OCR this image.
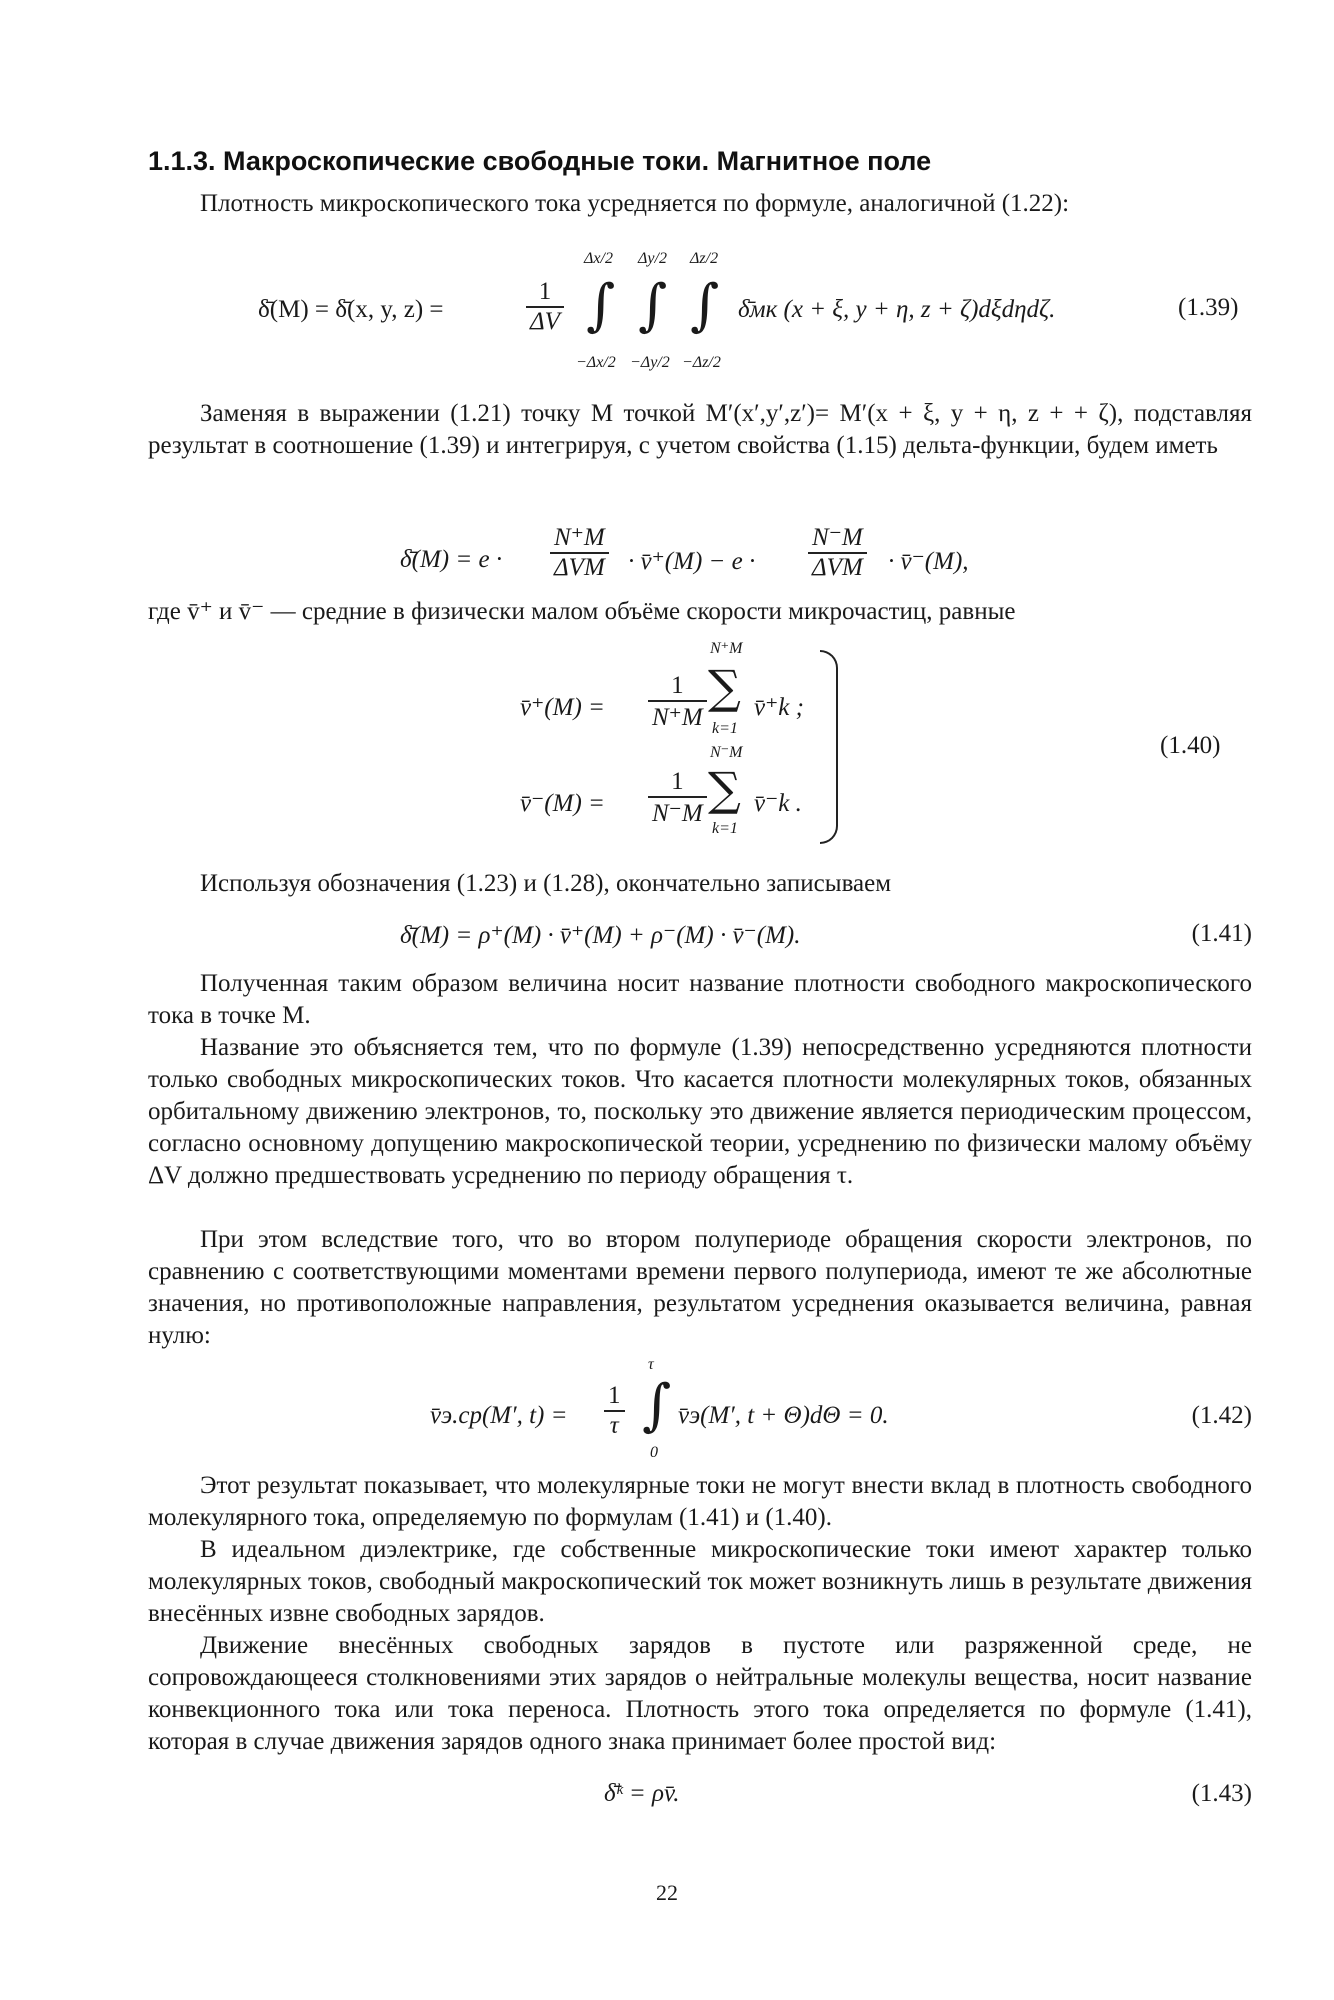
1.1.3. Макроскопические свободные токи. Магнитное поле
Плотность микроскопического тока усредняется по формуле, аналогичной (1.22):
δ̄(M) = δ̄(x, y, z) =	$\frac{1}{\Delta V}$
Δx/2 Δy/2 Δz/2
∫ ∫ ∫
−Δx/2 −Δy/2 −Δz/2
δ̄мк (x + ξ, y + η, z + ζ)dξdηdζ.	(1.39)
Заменяя в выражении (1.21) точку M точкой M′(x′,y′,z′)= M′(x + ξ, y + η, z + + ζ), подставляя результат в соотношение (1.39) и интегрируя, с учетом свойства (1.15) дельта-функции, будем иметь
δ̄(M) = e ·
N⁺M
ΔVM · v̄⁺(M) − e ·
N⁻M
ΔVM · v̄⁻(M),
где v̄⁺ и v̄⁻ — средние в физически малом объёме скорости микрочастиц, равные
v̄⁺(M) = $\frac{1}{N^+M}$
N⁺M
∑
k=1
v̄⁺k ;
v̄⁻(M) = $\frac{1}{N^-M}$
N⁻M
∑
k=1
v̄⁻k .
(1.40)
Используя обозначения (1.23) и (1.28), окончательно записываем
δ̄(M) = ρ⁺(M) · v̄⁺(M) + ρ⁻(M) · v̄⁻(M).	(1.41)
Полученная таким образом величина носит название плотности свободного макроскопического тока в точке M.
Название это объясняется тем, что по формуле (1.39) непосредственно усредняются плотности только свободных микроскопических токов. Что касается плотности молекулярных токов, обязанных орбитальному движению электронов, то, поскольку это движение является периодическим процессом, согласно основному допущению макроскопической теории, усреднению по физически малому объёму ΔV должно предшествовать усреднению по периоду обращения τ.
При этом вследствие того, что во втором полупериоде обращения скорости электронов, по сравнению с соответствующими моментами времени первого полупериода, имеют те же абсолютные значения, но противоположные направления, результатом усреднения оказывается величина, равная нулю:
v̄э.ср(M′, $t) = \frac{1}{\tau}$
τ
∫
0
v̄э(M′, t + Θ)dΘ = 0.	(1.42)
Этот результат показывает, что молекулярные токи не могут внести вклад в плотность свободного молекулярного тока, определяемую по формулам (1.41) и (1.40).
В идеальном диэлектрике, где собственные микроскопические токи имеют характер только молекулярных токов, свободный макроскопический ток может возникнуть лишь в результате движения внесённых извне свободных зарядов.
Движение внесённых свободных зарядов в пустоте или разряженной среде, не сопровождающееся столкновениями этих зарядов о нейтральные молекулы вещества, носит название конвекционного тока или тока переноса. Плотность этого тока определяется по формуле (1.41), которая в случае движения зарядов одного знака принимает более простой вид:
δ̄ᵏ = ρv̄.	(1.43)
22
